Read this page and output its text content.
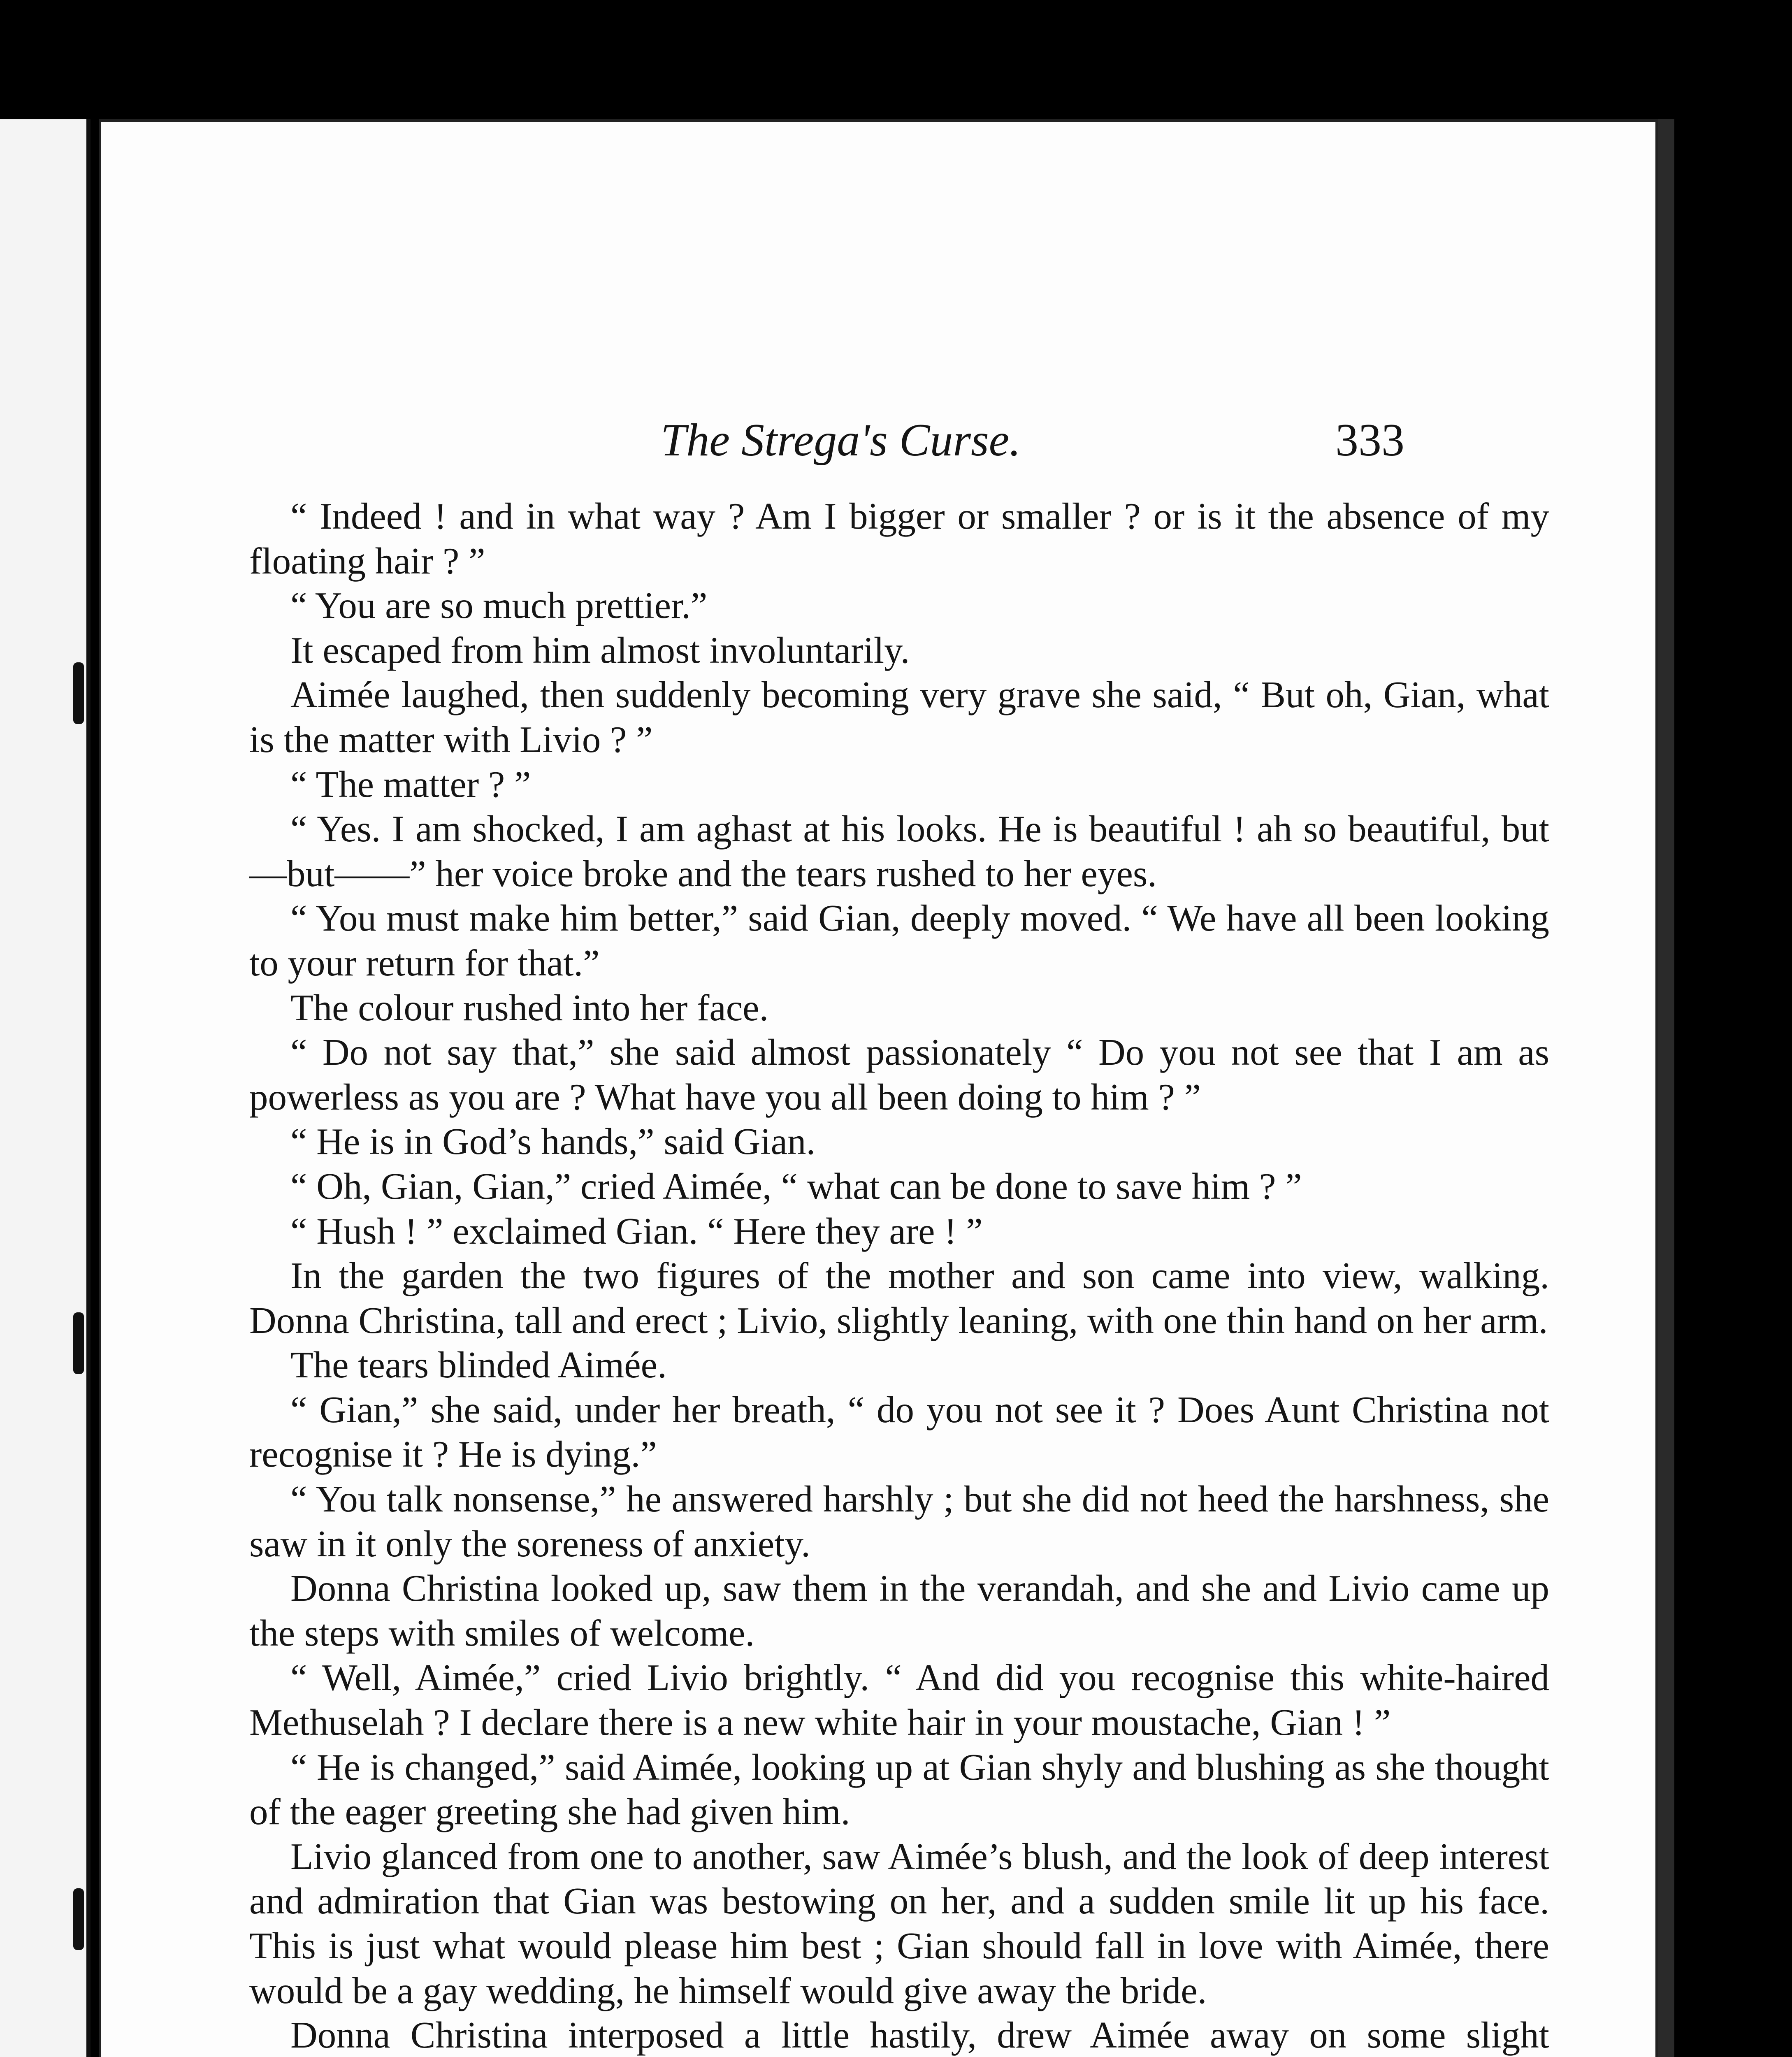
The Strega's Curse.	333

“ Indeed ! and in what way ? Am I bigger or smaller ? or is it the absence of my floating hair ? ”

“ You are so much prettier.”

It escaped from him almost involuntarily.

Aimée laughed, then suddenly becoming very grave she said, “ But oh, Gian, what is the matter with Livio ? ”

“ The matter ? ”

“ Yes. I am shocked, I am aghast at his looks. He is beautiful ! ah so beautiful, but—but——” her voice broke and the tears rushed to her eyes.

“ You must make him better,” said Gian, deeply moved. “ We have all been looking to your return for that.”

The colour rushed into her face.

“ Do not say that,” she said almost passionately “ Do you not see that I am as powerless as you are ? What have you all been doing to him ? ”

“ He is in God’s hands,” said Gian.

“ Oh, Gian, Gian,” cried Aimée, “ what can be done to save him ? ”

“ Hush ! ” exclaimed Gian. “ Here they are ! ”

In the garden the two figures of the mother and son came into view, walking. Donna Christina, tall and erect ; Livio, slightly leaning, with one thin hand on her arm.

The tears blinded Aimée.

“ Gian,” she said, under her breath, “ do you not see it ? Does Aunt Christina not recognise it ? He is dying.”

“ You talk nonsense,” he answered harshly ; but she did not heed the harshness, she saw in it only the soreness of anxiety.

Donna Christina looked up, saw them in the verandah, and she and Livio came up the steps with smiles of welcome.

“ Well, Aimée,” cried Livio brightly. “ And did you recognise this white-haired Methuselah ? I declare there is a new white hair in your moustache, Gian ! ”

“ He is changed,” said Aimée, looking up at Gian shyly and blushing as she thought of the eager greeting she had given him.

Livio glanced from one to another, saw Aimée’s blush, and the look of deep interest and admiration that Gian was bestowing on her, and a sudden smile lit up his face. This is just what would please him best ; Gian should fall in love with Aimée, there would be a gay wedding, he himself would give away the bride.

Donna Christina interposed a little hastily, drew Aimée away on some slight
